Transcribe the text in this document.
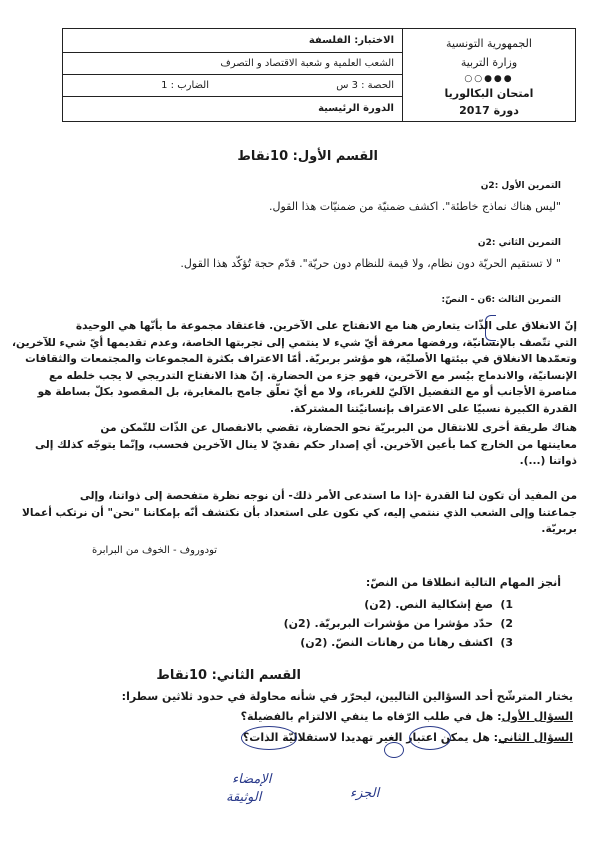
الاختبار: الفلسفة
الشعب العلمية و شعبة الاقتصاد و التصرف
الحصة : 3 س
الضارب : 1
الدورة الرئيسية
الجمهورية التونسية
وزارة التربية
●●●○○
امتحان البكالوريا
دورة 2017
القسم الأول: 10نقاط
التمرين الأول :2ن
"ليس هناك نماذج خاطئة". اكشف ضمنيّة من ضمنيّات هذا القول.
التمرين الثاني :2ن
" لا تستقيم الحريّة دون نظام، ولا قيمة للنظام دون حريّة". قدّم حجة تُؤكّد هذا القول.
التمرين الثالث :6ن - النصّ:
إنّ الانغلاق على الذّات يتعارض هنا مع الانفتاح على الآخرين. فاعتقاد مجموعة ما بأنّها هي الوحيدة
التي تتّصف بالإنسانيّة، ورفضها معرفة أيّ شيء لا ينتمي إلى تجربتها الخاصة، وعدم تقديمها أيّ شيء للآخرين،
وتعمّدها الانغلاق في بيئتها الأصليّة، هو مؤشر بربريّة. أمّا الاعتراف بكثرة المجموعات والمجتمعات والثقافات
الإنسانيّة، والاندماج بيُسر مع الآخرين، فهو جزء من الحضارة. إنّ هذا الانفتاح التدريجي لا يجب خلطه مع
مناصرة الأجانب أو مع التفضيل الآليّ للغرباء، ولا مع أيّ تعلّق جامح بالمغايرة، بل المقصود بكلّ بساطة هو
القدرة الكبيرة نسبيّا على الاعتراف بإنسانيّتنا المشتركة.
هناك طريقة أخرى للانتقال من البربريّة نحو الحضارة، تقضي بالانفصال عن الذّات للتّمكن من
معاينتها من الخارج كما بأعين الآخرين. أي إصدار حكم نقديّ لا ينال الآخرين فحسب، وإنّما يتوجّه كذلك إلى
ذواتنا (...).
من المفيد أن تكون لنا القدرة -إذا ما استدعى الأمر ذلك- أن نوجه نظرة متفحصة إلى ذواتنا، وإلى
جماعتنا وإلى الشعب الذي ننتمي إليه، كي نكون على استعداد بأن نكتشف أنّه بإمكاننا "نحن" أن نرتكب أعمالا
بربريّة.
تودوروف - الخوف من البرابرة
أنجز المهام التالية انطلاقا من النصّ:
1)
صغ إشكالية النص. (2ن)
2)
حدّد مؤشرا من مؤشرات البربريّة. (2ن)
3)
اكشف رهانا من رهانات النصّ. (2ن)
القسم الثاني: 10نقاط
يختار المترشّح أحد السؤالين التاليين، ليحرّر في شأنه محاولة في حدود ثلاثين سطرا:
السؤال الأول: هل في طلب الرّفاه ما ينفي الالتزام بالفضيلة؟
السؤال الثاني: هل يمكن اعتبار الغير تهديدا لاستقلاليّة الذات؟
الإمضاء
الوثيقة	الجزء
